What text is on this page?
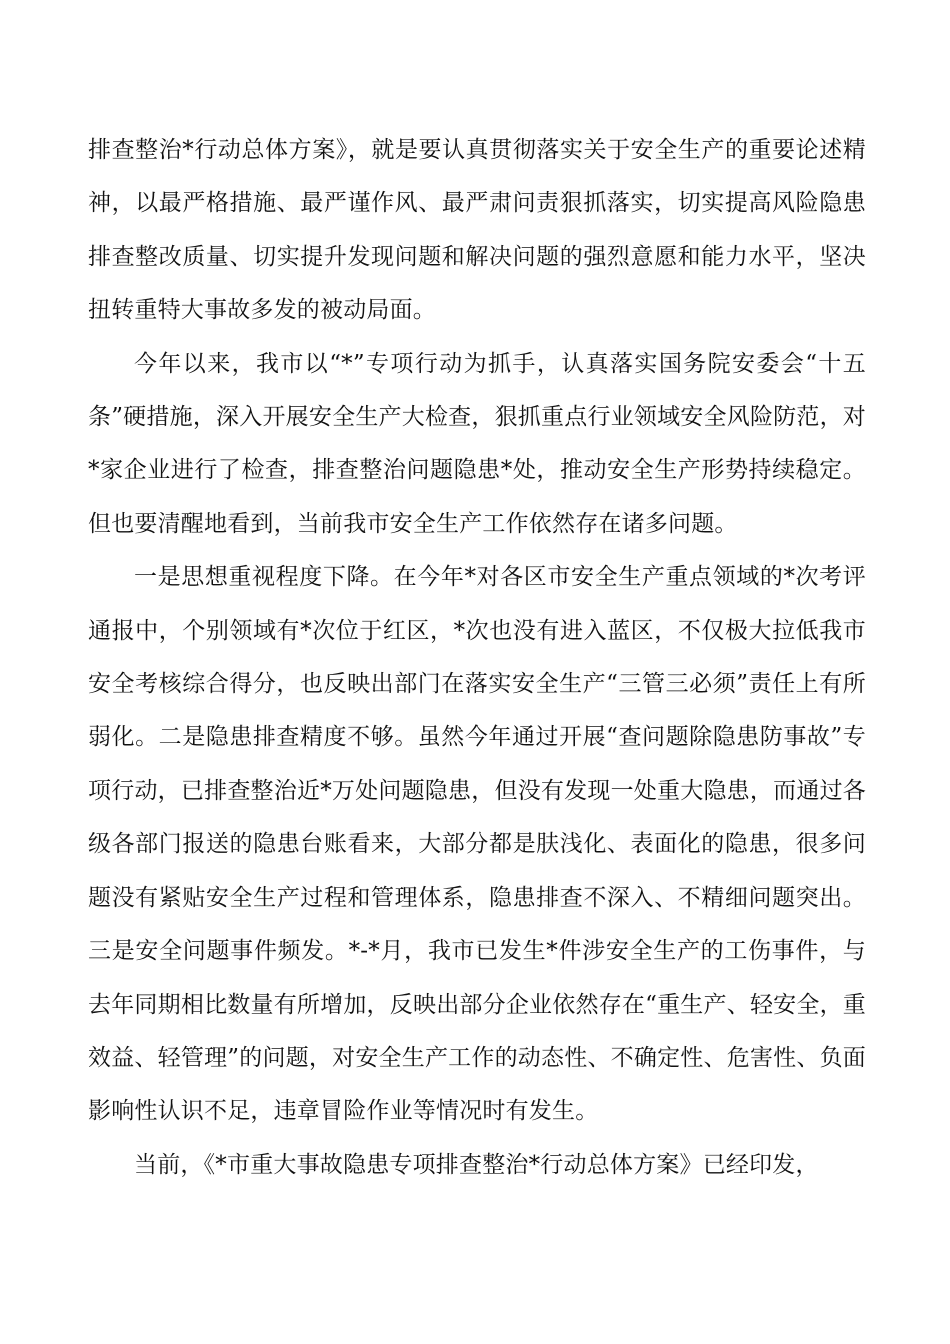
排查整治*行动总体方案》，就是要认真贯彻落实关于安全生产的重要论述精神，以最严格措施、最严谨作风、最严肃问责狠抓落实，切实提高风险隐患排查整改质量、切实提升发现问题和解决问题的强烈意愿和能力水平，坚决扭转重特大事故多发的被动局面。

今年以来，我市以“*”专项行动为抓手，认真落实国务院安委会“十五条”硬措施，深入开展安全生产大检查，狠抓重点行业领域安全风险防范，对*家企业进行了检查，排查整治问题隐患*处，推动安全生产形势持续稳定。但也要清醒地看到，当前我市安全生产工作依然存在诸多问题。

一是思想重视程度下降。在今年*对各区市安全生产重点领域的*次考评通报中，个别领域有*次位于红区，*次也没有进入蓝区，不仅极大拉低我市安全考核综合得分，也反映出部门在落实安全生产“三管三必须”责任上有所弱化。二是隐患排查精度不够。虽然今年通过开展“查问题除隐患防事故”专项行动，已排查整治近*万处问题隐患，但没有发现一处重大隐患，而通过各级各部门报送的隐患台账看来，大部分都是肤浅化、表面化的隐患，很多问题没有紧贴安全生产过程和管理体系，隐患排查不深入、不精细问题突出。三是安全问题事件频发。*-*月，我市已发生*件涉安全生产的工伤事件，与去年同期相比数量有所增加，反映出部分企业依然存在“重生产、轻安全，重效益、轻管理”的问题，对安全生产工作的动态性、不确定性、危害性、负面影响性认识不足，违章冒险作业等情况时有发生。

当前，《*市重大事故隐患专项排查整治*行动总体方案》已经印发，
